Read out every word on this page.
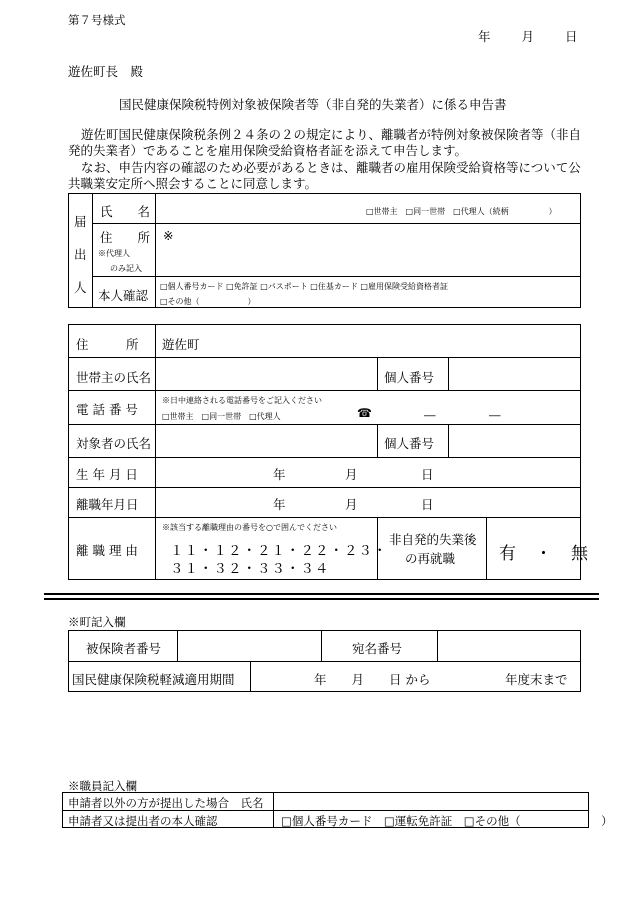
第７号様式
年　　月　　日
遊佐町長　殿
国民健康保険税特例対象被保険者等（非自発的失業者）に係る申告書
遊佐町国民健康保険税条例２４条の２の規定により、離職者が特例対象被保険者等（非自発的失業者）であることを雇用保険受給資格者証を添えて申告します。
なお、申告内容の確認のため必要があるときは、離職者の雇用保険受給資格等について公共職業安定所へ照会することに同意します。
届
出
人
氏　　名	□世帯主　□同一世帯　□代理人（続柄　　　　　）
住　　所
※代理人
のみ記入
※
本人確認
□個人番号カード □免許証 □パスポート □住基カード □雇用保険受給資格者証
□その他（　　　　　　）
住　　　所 遊佐町
世帯主の氏名	個人番号
電 話 番 号
※日中連絡される電話番号をご記入ください
□世帯主　□同一世帯　□代理人	☎	―	―
対象者の氏名	個人番号
生 年 月 日	年	月	日
離職年月日	年	月	日
離 職 理 由
※該当する離職理由の番号を○で囲んでください
１１・１２・２１・２２・２３・
３１・３２・３３・３４
非自発的失業後
の再就職	有　・　無
※町記入欄
被保険者番号	宛名番号
国民健康保険税軽減適用期間	年　　月　　日 から	年度末まで
※職員記入欄
申請者以外の方が提出した場合　氏名
申請者又は提出者の本人確認	□個人番号カード　□運転免許証　□その他（　　　　　　　）
